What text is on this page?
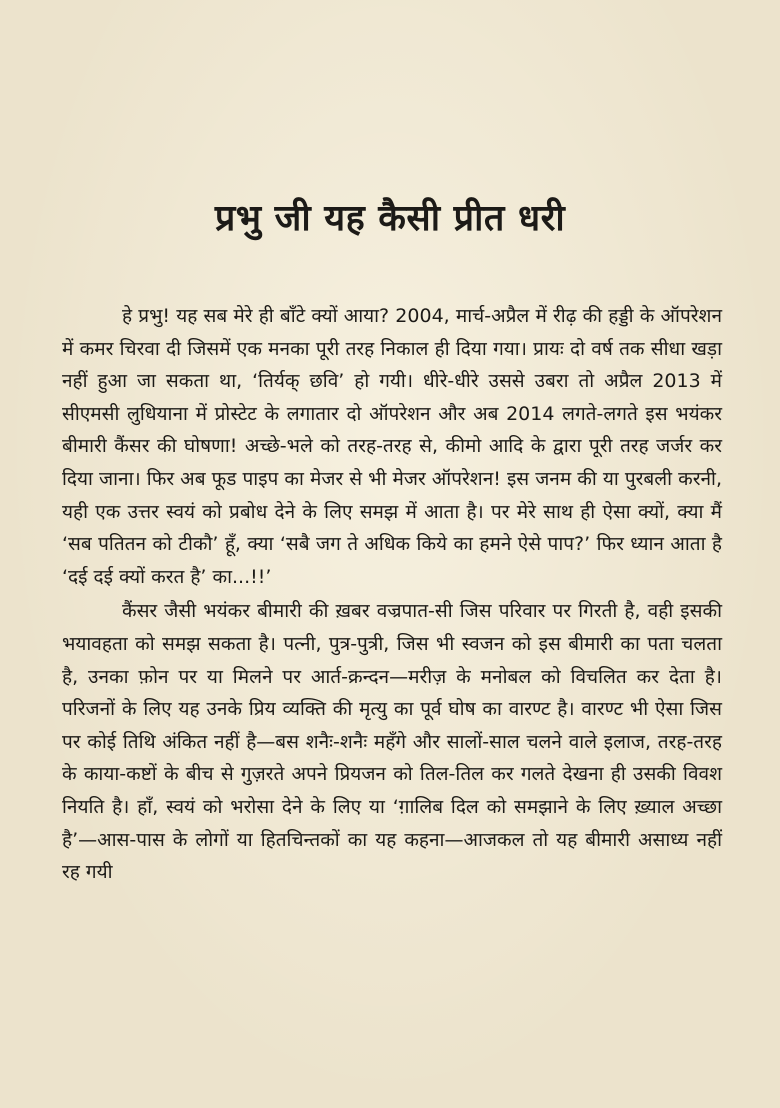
प्रभु जी यह कैसी प्रीत धरी

हे प्रभु! यह सब मेरे ही बाँटे क्यों आया? 2004, मार्च-अप्रैल में रीढ़ की हड्डी के ऑपरेशन में कमर चिरवा दी जिसमें एक मनका पूरी तरह निकाल ही दिया गया। प्रायः दो वर्ष तक सीधा खड़ा नहीं हुआ जा सकता था, ‘तिर्यक् छवि’ हो गयी। धीरे-धीरे उससे उबरा तो अप्रैल 2013 में सीएमसी लुधियाना में प्रोस्टेट के लगातार दो ऑपरेशन और अब 2014 लगते-लगते इस भयंकर बीमारी कैंसर की घोषणा! अच्छे-भले को तरह-तरह से, कीमो आदि के द्वारा पूरी तरह जर्जर कर दिया जाना। फिर अब फूड पाइप का मेजर से भी मेजर ऑपरेशन! इस जनम की या पुरबली करनी, यही एक उत्तर स्वयं को प्रबोध देने के लिए समझ में आता है। पर मेरे साथ ही ऐसा क्यों, क्या मैं ‘सब पतितन को टीकौ’ हूँ, क्या ‘सबै जग ते अधिक किये का हमने ऐसे पाप?’ फिर ध्यान आता है ‘दई दई क्यों करत है’ का...!!’

कैंसर जैसी भयंकर बीमारी की ख़बर वज्रपात-सी जिस परिवार पर गिरती है, वही इसकी भयावहता को समझ सकता है। पत्नी, पुत्र-पुत्री, जिस भी स्वजन को इस बीमारी का पता चलता है, उनका फ़ोन पर या मिलने पर आर्त-क्रन्दन—मरीज़ के मनोबल को विचलित कर देता है। परिजनों के लिए यह उनके प्रिय व्यक्ति की मृत्यु का पूर्व घोष का वारण्ट है। वारण्ट भी ऐसा जिस पर कोई तिथि अंकित नहीं है—बस शनैः-शनैः महँगे और सालों-साल चलने वाले इलाज, तरह-तरह के काया-कष्टों के बीच से गुज़रते अपने प्रियजन को तिल-तिल कर गलते देखना ही उसकी विवश नियति है। हाँ, स्वयं को भरोसा देने के लिए या ‘ग़ालिब दिल को समझाने के लिए ख़्याल अच्छा है’—आस-पास के लोगों या हितचिन्तकों का यह कहना—आजकल तो यह बीमारी असाध्य नहीं रह गयी
